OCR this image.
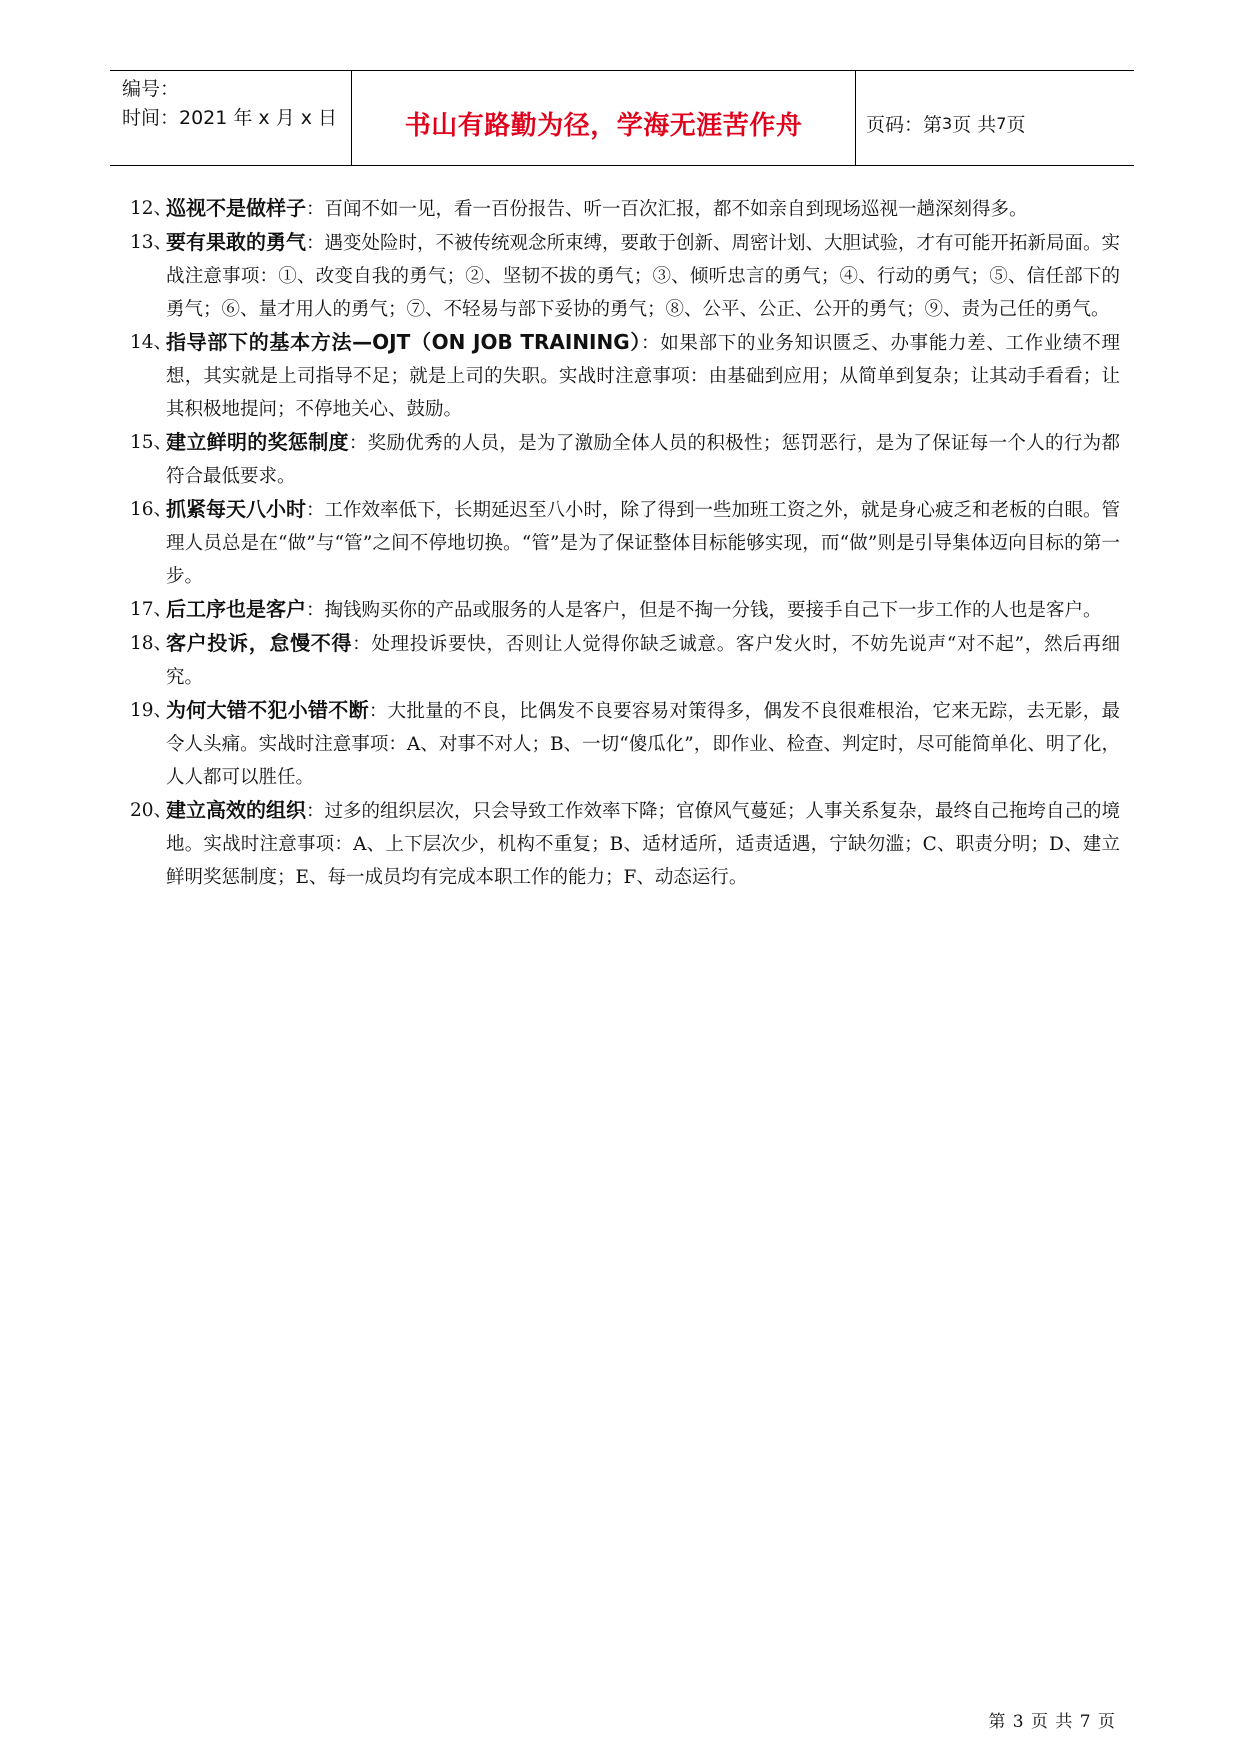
编号：
时间：2021 年 x 月 x 日	书山有路勤为径，学海无涯苦作舟	页码：第 3 页 共 7 页
12、
巡视不是做样子：百闻不如一见，看一百份报告、听一百次汇报，都不如亲自到现场巡视一趟深刻得多。
13、
要有果敢的勇气：遇变处险时，不被传统观念所束缚，要敢于创新、周密计划、大胆试验，才有可能开拓新局面。实战注意事项：①、改变自我的勇气；②、坚韧不拔的勇气；③、倾听忠言的勇气；④、行动的勇气；⑤、信任部下的勇气；⑥、量才用人的勇气；⑦、不轻易与部下妥协的勇气；⑧、公平、公正、公开的勇气；⑨、责为己任的勇气。
14、
指导部下的基本方法—OJT（ON JOB TRAINING）：如果部下的业务知识匮乏、办事能力差、工作业绩不理想，其实就是上司指导不足；就是上司的失职。实战时注意事项：由基础到应用；从简单到复杂；让其动手看看；让其积极地提问；不停地关心、鼓励。
15、
建立鲜明的奖惩制度：奖励优秀的人员，是为了激励全体人员的积极性；惩罚恶行，是为了保证每一个人的行为都符合最低要求。
16、
抓紧每天八小时：工作效率低下，长期延迟至八小时，除了得到一些加班工资之外，就是身心疲乏和老板的白眼。管理人员总是在“做”与“管”之间不停地切换。“管”是为了保证整体目标能够实现，而“做”则是引导集体迈向目标的第一步。
17、
后工序也是客户：掏钱购买你的产品或服务的人是客户，但是不掏一分钱，要接手自己下一步工作的人也是客户。
18、
客户投诉，怠慢不得：处理投诉要快，否则让人觉得你缺乏诚意。客户发火时，不妨先说声“对不起”，然后再细究。
19、
为何大错不犯小错不断：大批量的不良，比偶发不良要容易对策得多，偶发不良很难根治，它来无踪，去无影，最令人头痛。实战时注意事项：A、对事不对人；B、一切“傻瓜化”，即作业、检查、判定时，尽可能简单化、明了化，人人都可以胜任。
20、
建立高效的组织：过多的组织层次，只会导致工作效率下降；官僚风气蔓延；人事关系复杂，最终自己拖垮自己的境地。实战时注意事项：A、上下层次少，机构不重复；B、适材适所，适责适遇，宁缺勿滥；C、职责分明；D、建立鲜明奖惩制度；E、每一成员均有完成本职工作的能力；F、动态运行。
第 3 页 共 7 页
